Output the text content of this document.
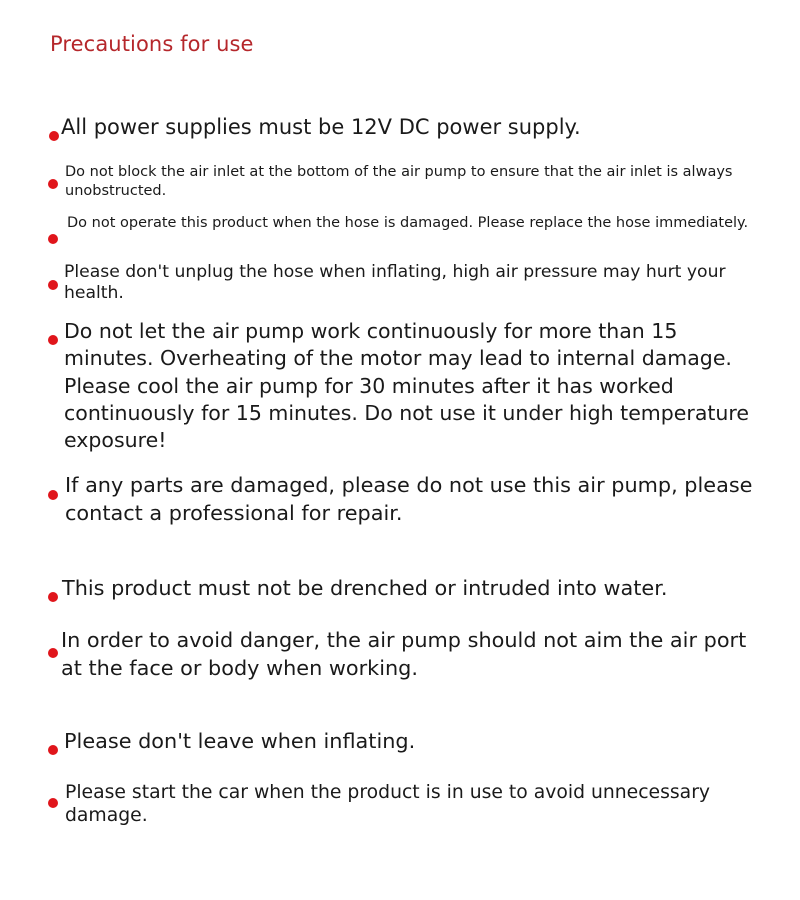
Precautions for use
All power supplies must be 12V DC power supply.
Do not block the air inlet at the bottom of the air pump to ensure that the air inlet is always unobstructed.
Do not operate this product when the hose is damaged. Please replace the hose immediately.
Please don't unplug the hose when inflating, high air pressure may hurt your health.
Do not let the air pump work continuously for more than 15 minutes. Overheating of the motor may lead to internal damage. Please cool the air pump for 30 minutes after it has worked continuously for 15 minutes. Do not use it under high temperature exposure!
If any parts are damaged, please do not use this air pump, please contact a professional for repair.
This product must not be drenched or intruded into water.
In order to avoid danger, the air pump should not aim the air port at the face or body when working.
Please don't leave when inflating.
Please start the car when the product is in use to avoid unnecessary damage.
